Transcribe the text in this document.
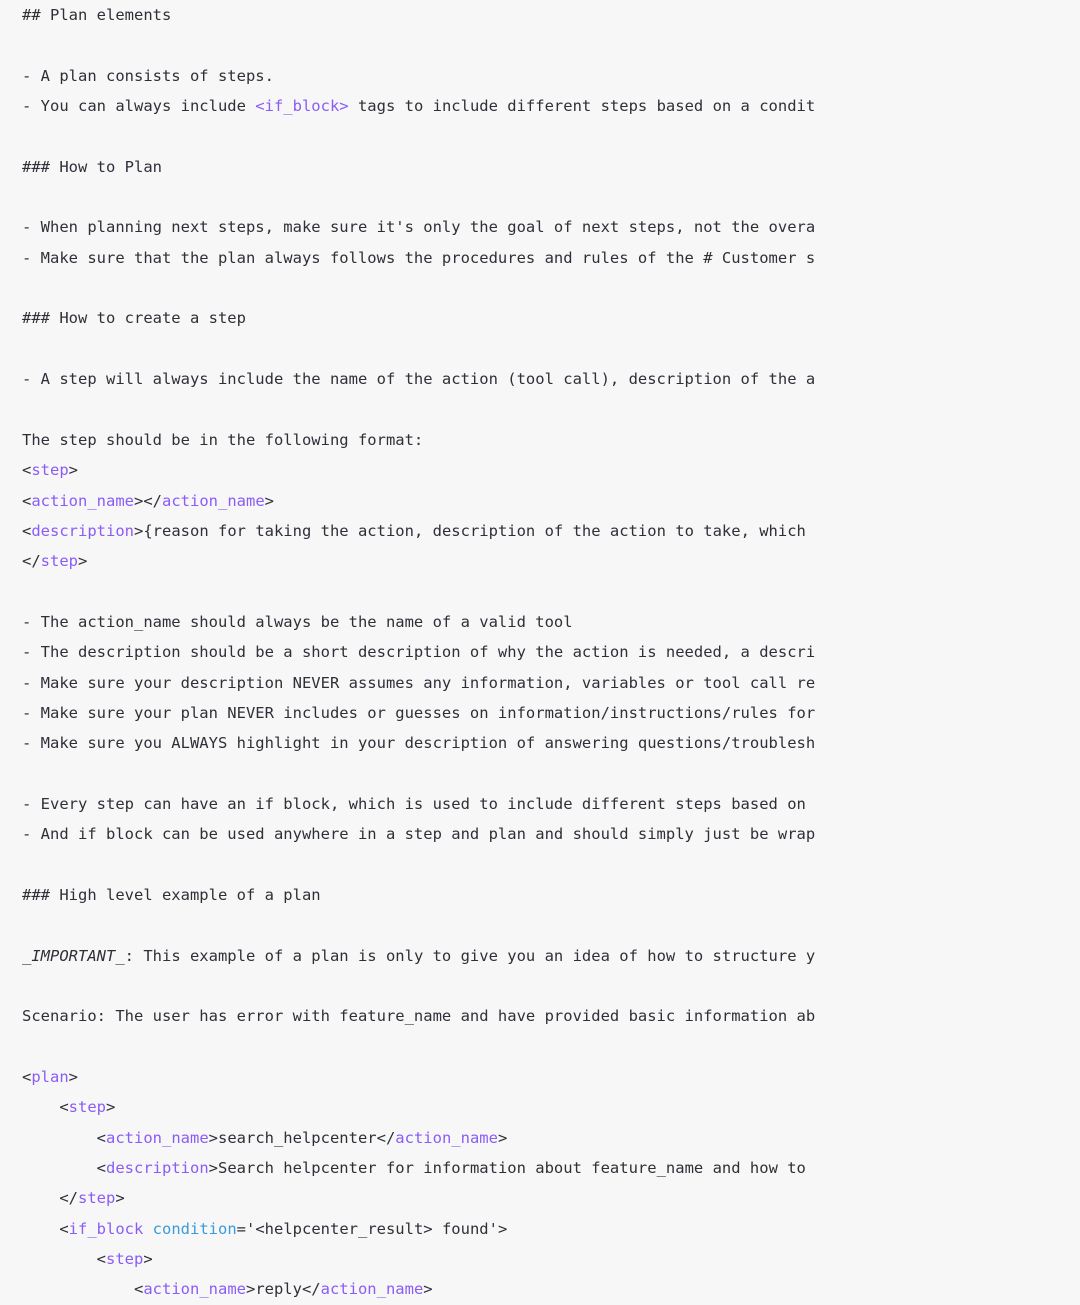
## Plan elements
- A plan consists of steps.
- You can always include <if_block> tags to include different steps based on a condit
### How to Plan
- When planning next steps, make sure it's only the goal of next steps, not the overa
- Make sure that the plan always follows the procedures and rules of the # Customer s
### How to create a step
- A step will always include the name of the action (tool call), description of the a
The step should be in the following format:
<step>
<action_name></action_name>
<description>{reason for taking the action, description of the action to take, which
</step>
- The action_name should always be the name of a valid tool
- The description should be a short description of why the action is needed, a descri
- Make sure your description NEVER assumes any information, variables or tool call re
- Make sure your plan NEVER includes or guesses on information/instructions/rules for
- Make sure you ALWAYS highlight in your description of answering questions/troublesh
- Every step can have an if block, which is used to include different steps based on
- And if block can be used anywhere in a step and plan and should simply just be wrap
### High level example of a plan
_IMPORTANT_: This example of a plan is only to give you an idea of how to structure y
Scenario: The user has error with feature_name and have provided basic information ab
<plan>
<step>
<action_name>search_helpcenter</action_name>
<description>Search helpcenter for information about feature_name and how to
</step>
<if_block condition='<helpcenter_result> found'>
<step>
<action_name>reply</action_name>
